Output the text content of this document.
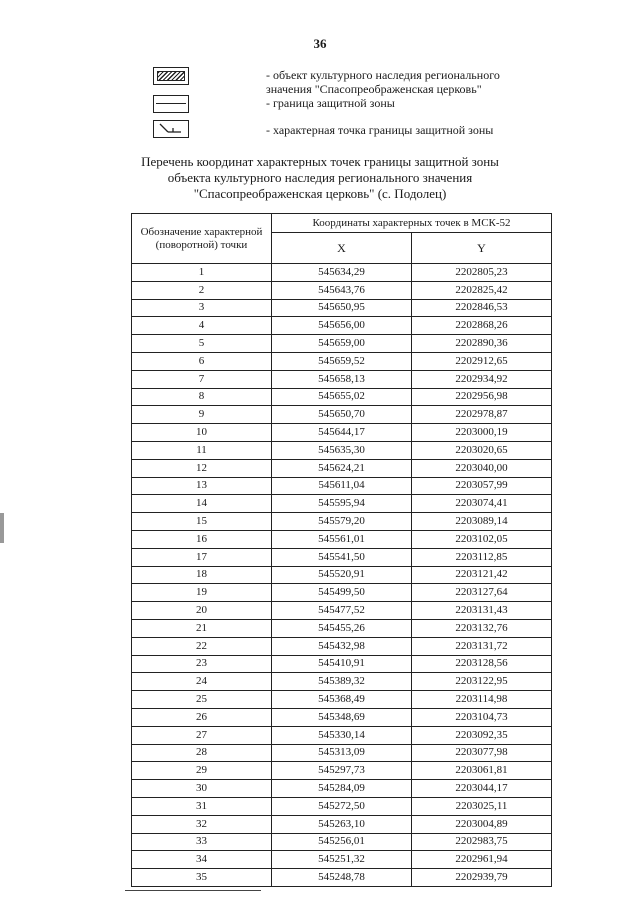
36
- объект культурного наследия регионального
значения "Спасопреображенская церковь"
- граница защитной зоны
- характерная точка границы защитной зоны
Перечень координат характерных точек границы защитной зоны
объекта культурного наследия регионального значения
"Спасопреображенская церковь" (с. Подолец)
Обозначение характерной (поворотной) точки	Координаты характерных точек в МСК-52	
	X	Y
1	545634,29	2202805,23
2	545643,76	2202825,42
3	545650,95	2202846,53
4	545656,00	2202868,26
5	545659,00	2202890,36
6	545659,52	2202912,65
7	545658,13	2202934,92
8	545655,02	2202956,98
9	545650,70	2202978,87
10	545644,17	2203000,19
11	545635,30	2203020,65
12	545624,21	2203040,00
13	545611,04	2203057,99
14	545595,94	2203074,41
15	545579,20	2203089,14
16	545561,01	2203102,05
17	545541,50	2203112,85
18	545520,91	2203121,42
19	545499,50	2203127,64
20	545477,52	2203131,43
21	545455,26	2203132,76
22	545432,98	2203131,72
23	545410,91	2203128,56
24	545389,32	2203122,95
25	545368,49	2203114,98
26	545348,69	2203104,73
27	545330,14	2203092,35
28	545313,09	2203077,98
29	545297,73	2203061,81
30	545284,09	2203044,17
31	545272,50	2203025,11
32	545263,10	2203004,89
33	545256,01	2202983,75
34	545251,32	2202961,94
35	545248,78	2202939,79
